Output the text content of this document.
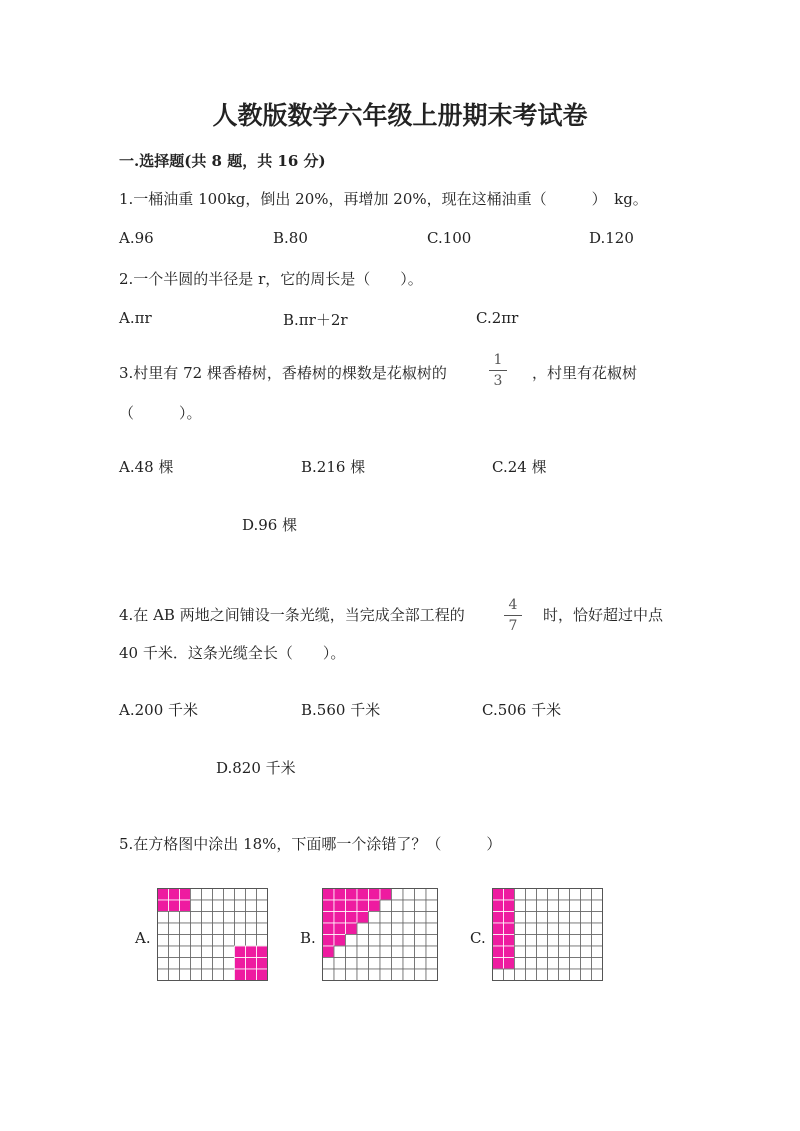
人教版数学六年级上册期末考试卷
一.选择题(共 8 题，共 16 分)
1.一桶油重 100kg，倒出 20%，再增加 20%，现在这桶油重（　　　）　kg。
A.96	B.80	C.100	D.120
2.一个半圆的半径是 r，它的周长是（　　）。
A.πr	B.πr＋2r	C.2πr
3.村里有 72 棵香椿树，香椿树的棵数是花椒树的
1
3	，村里有花椒树
（　　　）。
A.48 棵	B.216 棵	C.24 棵
D.96 棵
4.在 AB 两地之间铺设一条光缆，当完成全部工程的
4
7
时，恰好超过中点
40 千米．这条光缆全长（　　）。
A.200 千米	B.560 千米	C.506 千米
D.820 千米
5.在方格图中涂出 18%，下面哪一个涂错了？（　　　）
A.	B.	C.
